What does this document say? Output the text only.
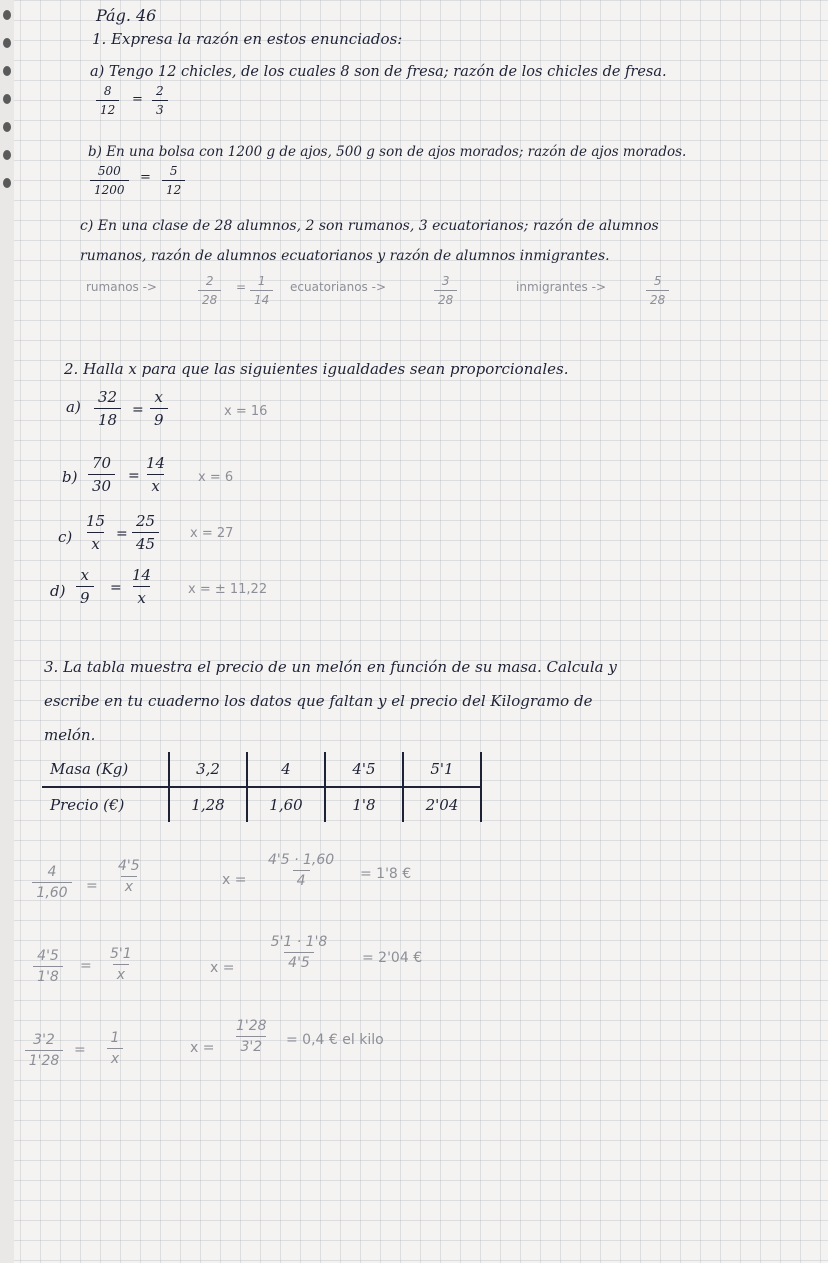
Pág. 46
1. Expresa la razón en estos enunciados:
a) Tengo 12 chicles, de los cuales 8 son de fresa; razón de los chicles de fresa.
$\frac{8}{12} = \frac{2}{3}$
b) En una bolsa con 1200 g de ajos, 500 g son de ajos morados; razón de ajos morados.
$\frac{500}{1200} = \frac{5}{12}$
c) En una clase de 28 alumnos, 2 son rumanos, 3 ecuatorianos; razón de alumnos
rumanos, razón de alumnos ecuatorianos y razón de alumnos inmigrantes.
rumanos ->	$\frac{2}{28} = \frac{1}{14}$ ecuatorianos ->	$\frac{3}{28}$	inmigrantes ->	$\frac{5}{28}$
2. Halla x para que las siguientes igualdades sean proporcionales.
$a) \frac{32}{18} = \frac{x}{9}$	x = 16
$b) \frac{70}{30} = \frac{14}{x}$ x = 6
$c) \frac{15}{x} = \frac{25}{45}$ x = 27
$d) \frac{x}{9} = \frac{14}{x}$	x = ± 11,22
3. La tabla muestra el precio de un melón en función de su masa. Calcula y
escribe en tu cuaderno los datos que faltan y el precio del Kilogramo de
melón.
Masa (Kg)	3,2	4	4'5	5'1
Precio (€)	1,28	1,60	1'8	2'04
$\frac{4}{1,60} = \frac{4'5}{x}$	$x = \frac{4'5 \cdot 1,60}{4} = 1'8$ €
$\frac{4'5}{1'8} = \frac{5'1}{x}$	$x = \frac{5'1 \cdot 1'8}{4'5} = 2'04$ €
$\frac{3'2}{1'28} = \frac{1}{x}$	$x = \frac{1'28}{3'2} = 0,4$ € el kilo
